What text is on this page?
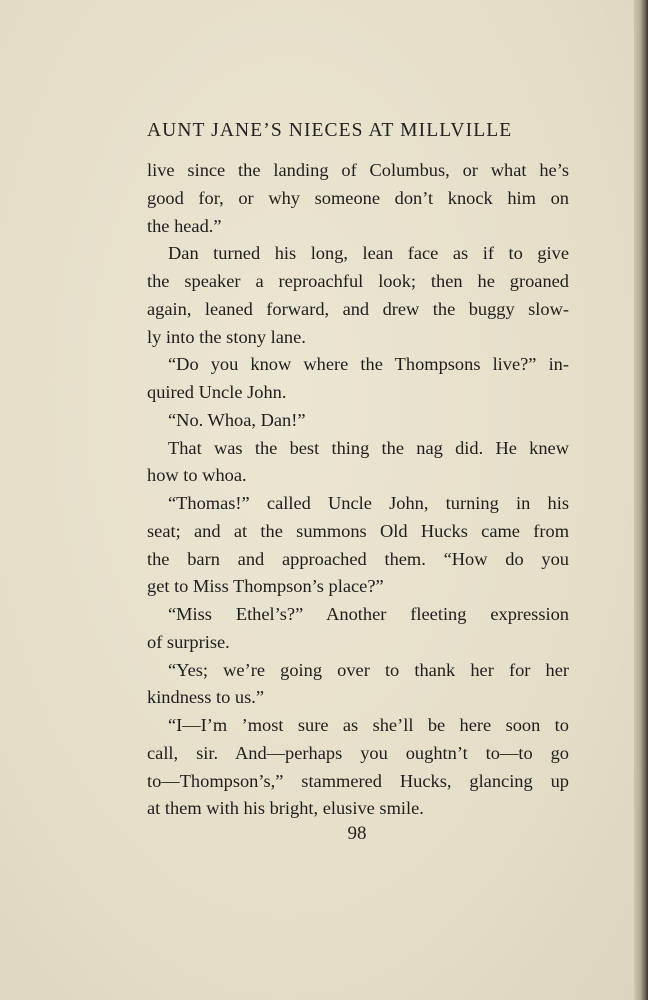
AUNT JANE’S NIECES AT MILLVILLE
live since the landing of Columbus, or what he’s
good for, or why someone don’t knock him on
the head.”
Dan turned his long, lean face as if to give
the speaker a reproachful look; then he groaned
again, leaned forward, and drew the buggy slow-
ly into the stony lane.
“Do you know where the Thompsons live?” in-
quired Uncle John.
“No. Whoa, Dan!”
That was the best thing the nag did. He knew
how to whoa.
“Thomas!” called Uncle John, turning in his
seat; and at the summons Old Hucks came from
the barn and approached them. “How do you
get to Miss Thompson’s place?”
“Miss Ethel’s?” Another fleeting expression
of surprise.
“Yes; we’re going over to thank her for her
kindness to us.”
“I—I’m ’most sure as she’ll be here soon to
call, sir. And—perhaps you oughtn’t to—to go
to—Thompson’s,” stammered Hucks, glancing up
at them with his bright, elusive smile.
98
